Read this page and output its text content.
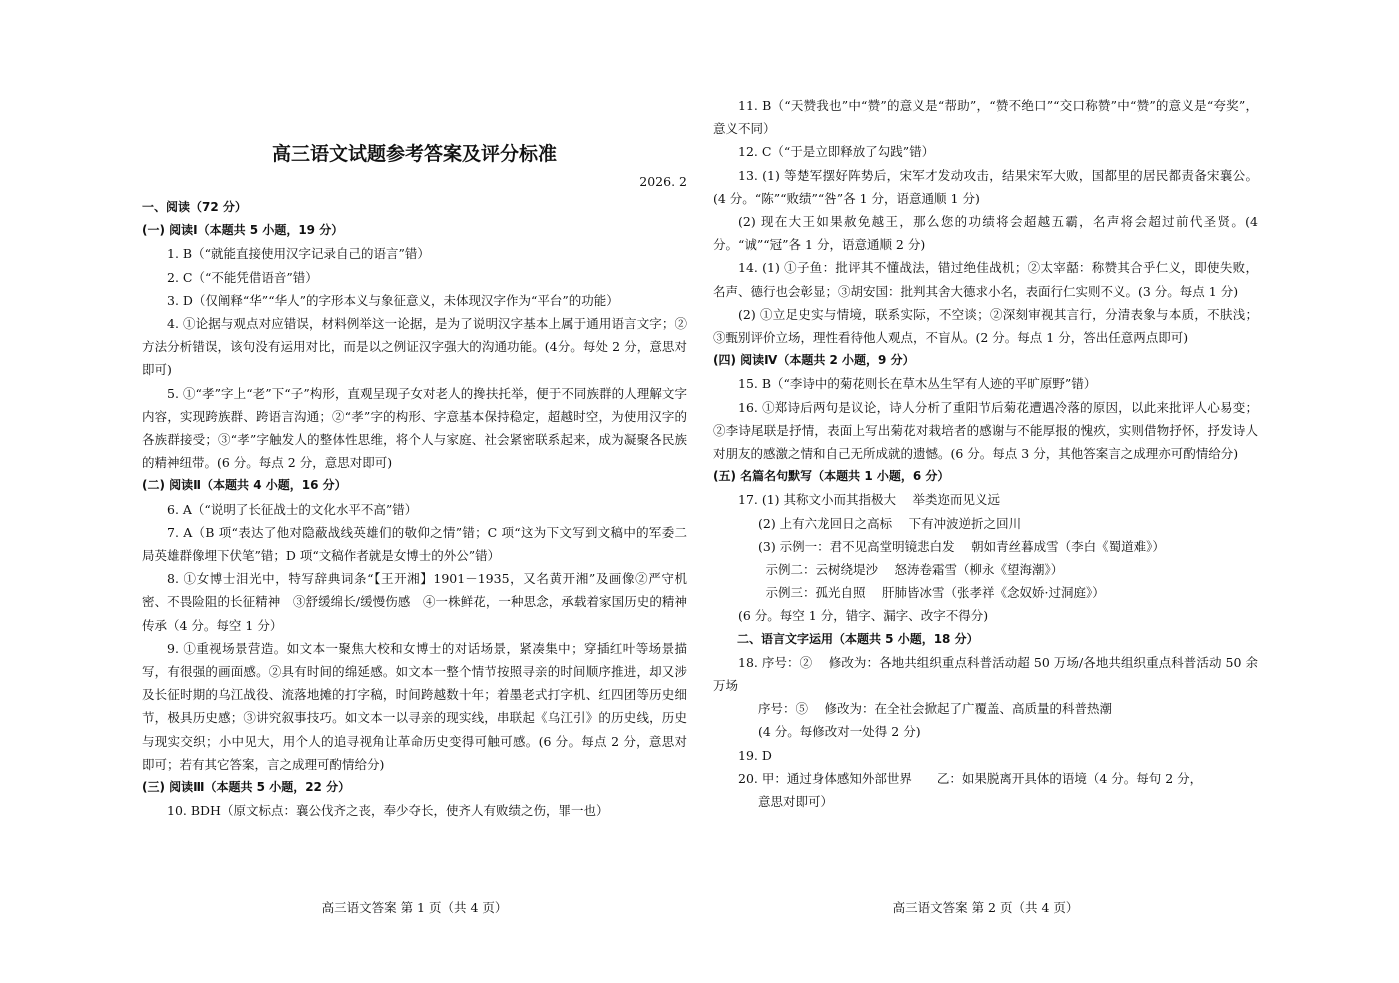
高三语文试题参考答案及评分标准
2026. 2

一、阅读（72 分）

(一) 阅读Ⅰ（本题共 5 小题，19 分）

1. B（“就能直接使用汉字记录自己的语言”错）

2. C（“不能凭借语音”错）

3. D（仅阐释“华”“华人”的字形本义与象征意义，未体现汉字作为“平台”的功能）

4. ①论据与观点对应错误，材料例举这一论据，是为了说明汉字基本上属于通用语言文字；②方法分析错误，该句没有运用对比，而是以之例证汉字强大的沟通功能。(4分。每处 2 分，意思对即可)

5. ①“孝”字上“老”下“子”构形，直观呈现子女对老人的搀扶托举，便于不同族群的人理解文字内容，实现跨族群、跨语言沟通；②“孝”字的构形、字意基本保持稳定，超越时空，为使用汉字的各族群接受；③“孝”字触发人的整体性思维，将个人与家庭、社会紧密联系起来，成为凝聚各民族的精神纽带。(6 分。每点 2 分，意思对即可)

(二) 阅读Ⅱ（本题共 4 小题，16 分）

6. A（“说明了长征战士的文化水平不高”错）

7. A（B 项“表达了他对隐蔽战线英雄们的敬仰之情”错；C 项“这为下文写到文稿中的军委二局英雄群像埋下伏笔”错；D 项“文稿作者就是女博士的外公”错）

8. ①女博士泪光中，特写辞典词条“【王开湘】1901－1935，又名黄开湘”及画像②严守机密、不畏险阻的长征精神　③舒缓绵长/缓慢伤感　④一株鲜花，一种思念，承载着家国历史的精神传承（4 分。每空 1 分）

9. ①重视场景营造。如文本一聚焦大校和女博士的对话场景，紧凑集中；穿插红叶等场景描写，有很强的画面感。②具有时间的绵延感。如文本一整个情节按照寻亲的时间顺序推进，却又涉及长征时期的乌江战役、流落地摊的打字稿，时间跨越数十年；着墨老式打字机、红四团等历史细节，极具历史感；③讲究叙事技巧。如文本一以寻亲的现实线，串联起《乌江引》的历史线，历史与现实交织；小中见大，用个人的追寻视角让革命历史变得可触可感。(6 分。每点 2 分，意思对即可；若有其它答案，言之成理可酌情给分)

(三) 阅读Ⅲ（本题共 5 小题，22 分）

10. BDH（原文标点：襄公伐齐之丧，奉少夺长，使齐人有败绩之伤，罪一也）

11. B（“天赞我也”中“赞”的意义是“帮助”，“赞不绝口”“交口称赞”中“赞”的意义是“夸奖”，意义不同）

12. C（“于是立即释放了勾践”错）

13. (1) 等楚军摆好阵势后，宋军才发动攻击，结果宋军大败，国都里的居民都责备宋襄公。(4 分。“陈”“败绩”“咎”各 1 分，语意通顺 1 分)

(2) 现在大王如果赦免越王，那么您的功绩将会超越五霸，名声将会超过前代圣贤。(4 分。“诚”“冠”各 1 分，语意通顺 2 分)

14. (1) ①子鱼：批评其不懂战法，错过绝佳战机；②太宰嚭：称赞其合乎仁义，即使失败，名声、德行也会彰显；③胡安国：批判其舍大德求小名，表面行仁实则不义。(3 分。每点 1 分)

(2) ①立足史实与情境，联系实际，不空谈；②深刻审视其言行，分清表象与本质，不肤浅；③甄别评价立场，理性看待他人观点，不盲从。(2 分。每点 1 分，答出任意两点即可)

(四) 阅读Ⅳ（本题共 2 小题，9 分）

15. B（“李诗中的菊花则长在草木丛生罕有人迹的平旷原野”错）

16. ①郑诗后两句是议论，诗人分析了重阳节后菊花遭遇冷落的原因，以此来批评人心易变；②李诗尾联是抒情，表面上写出菊花对栽培者的感谢与不能厚报的愧疚，实则借物抒怀，抒发诗人对朋友的感激之情和自己无所成就的遗憾。(6 分。每点 3 分，其他答案言之成理亦可酌情给分)

(五) 名篇名句默写（本题共 1 小题，6 分）

17. (1) 其称文小而其指极大　 举类迩而见义远

(2) 上有六龙回日之高标　 下有冲波逆折之回川

(3) 示例一：君不见高堂明镜悲白发　 朝如青丝暮成雪（李白《蜀道难》）

示例二：云树绕堤沙　 怒涛卷霜雪（柳永《望海潮》）

示例三：孤光自照　 肝肺皆冰雪（张孝祥《念奴娇·过洞庭》）

(6 分。每空 1 分，错字、漏字、改字不得分)

二、语言文字运用（本题共 5 小题，18 分）

18. 序号：②　 修改为：各地共组织重点科普活动超 50 万场/各地共组织重点科普活动 50 余万场

序号：⑤　 修改为：在全社会掀起了广覆盖、高质量的科普热潮

(4 分。每修改对一处得 2 分)

19. D

20. 甲：通过身体感知外部世界　　乙：如果脱离开具体的语境（4 分。每句 2 分，

意思对即可）

高三语文答案 第 1 页（共 4 页）	高三语文答案 第 2 页（共 4 页）
